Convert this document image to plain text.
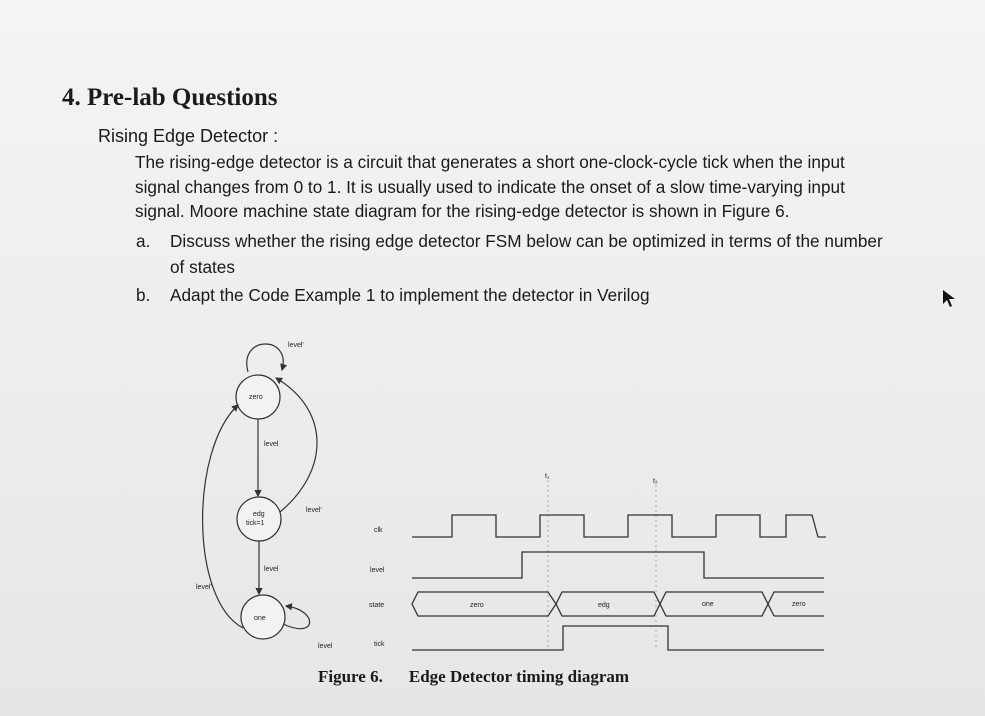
4. Pre-lab Questions
Rising Edge Detector :
The rising-edge detector is a circuit that generates a short one-clock-cycle tick when the input
signal changes from 0 to 1. It is usually used to indicate the onset of a slow time-varying input
signal. Moore machine state diagram for the rising-edge detector is shown in Figure 6.
a. Discuss whether the rising edge detector FSM below can be optimized in terms of the number
of states
b. Adapt the Code Example 1 to implement the detector in Verilog
level'
zero
level
edg
tick=1
level'
level
level'
one
level
t₁
t₂
clk
level
state
tick
zero	edg	one	zero
Figure 6. Edge Detector timing diagram
